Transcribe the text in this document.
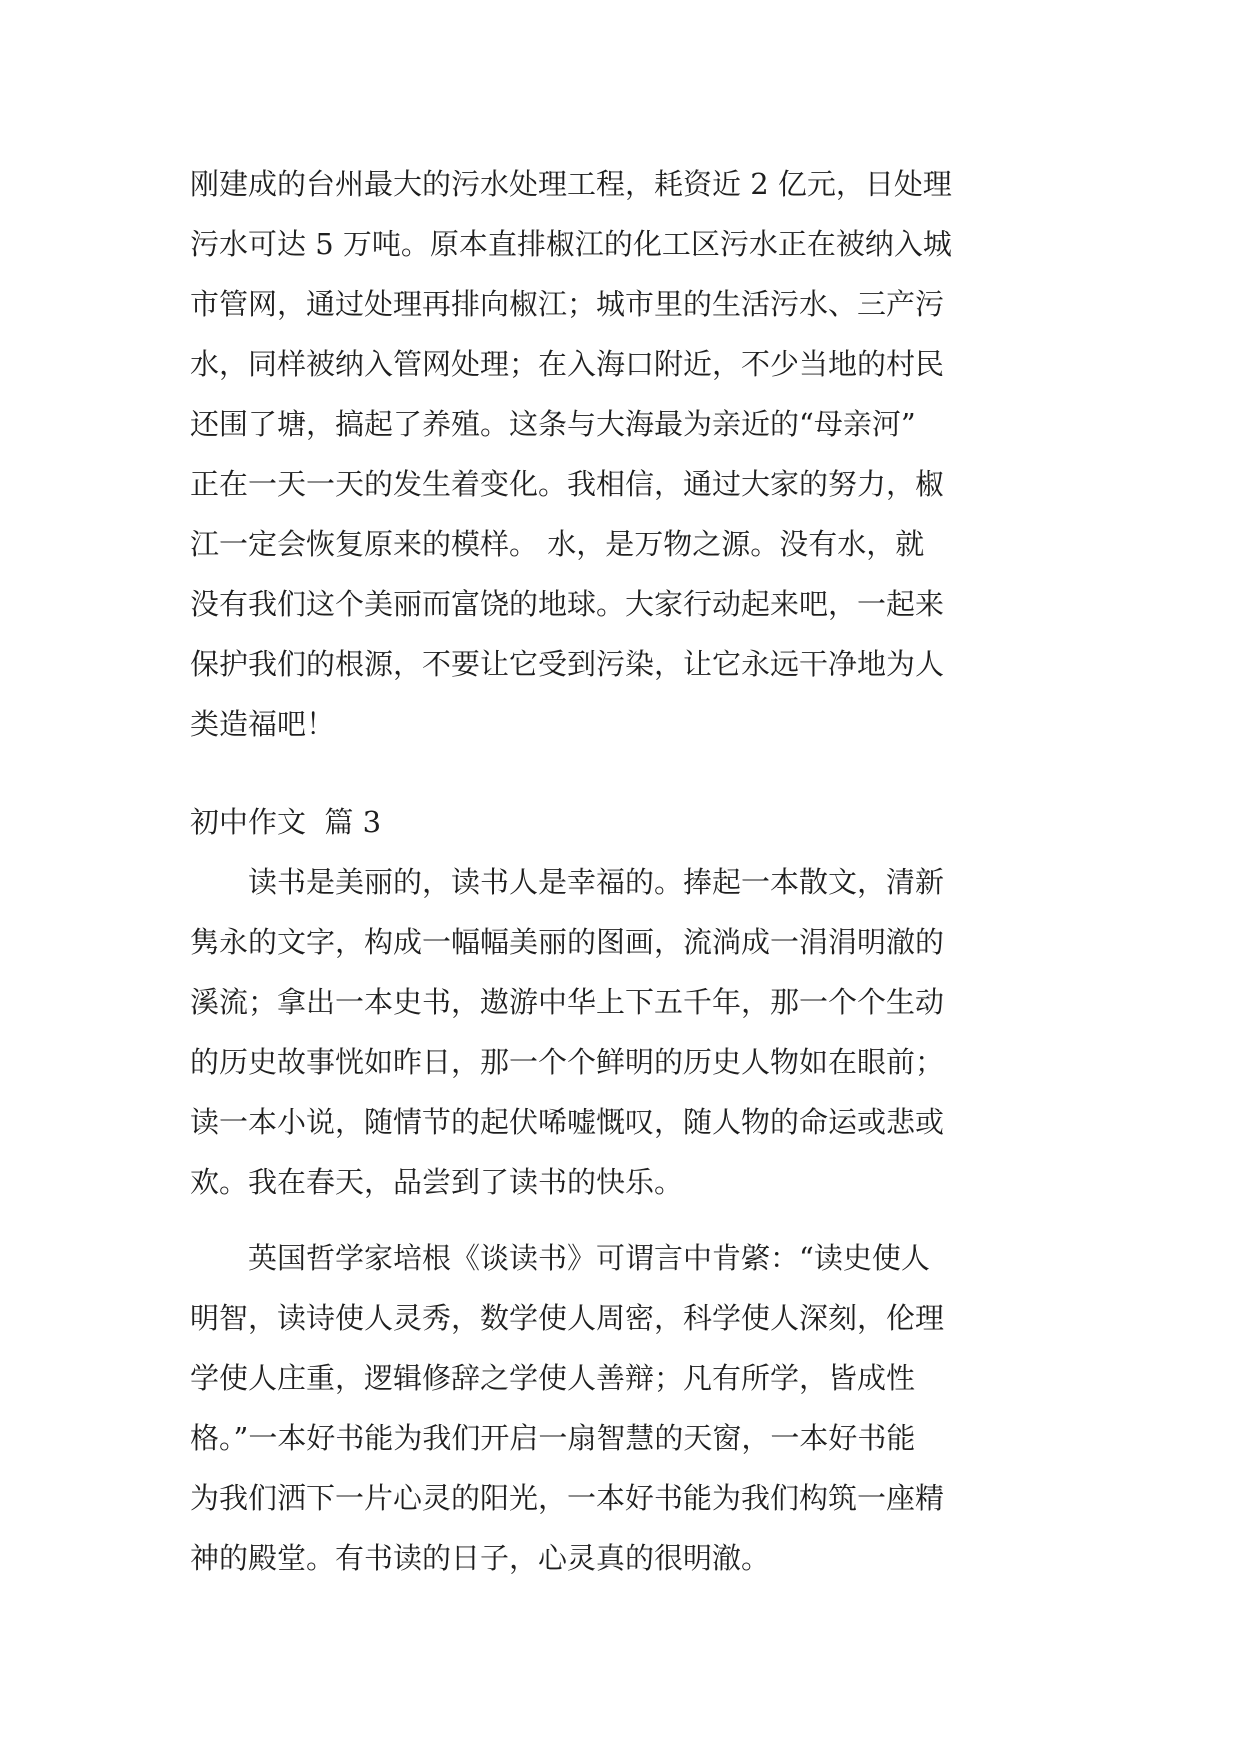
刚建成的台州最大的污水处理工程，耗资近 2 亿元，日处理
污水可达 5 万吨。原本直排椒江的化工区污水正在被纳入城
市管网，通过处理再排向椒江；城市里的生活污水、三产污
水，同样被纳入管网处理；在入海口附近，不少当地的村民
还围了塘，搞起了养殖。这条与大海最为亲近的“母亲河”
正在一天一天的发生着变化。我相信，通过大家的努力，椒
江一定会恢复原来的模样。 水，是万物之源。没有水，就
没有我们这个美丽而富饶的地球。大家行动起来吧，一起来
保护我们的根源，不要让它受到污染，让它永远干净地为人
类造福吧！
初中作文  篇 3
读书是美丽的，读书人是幸福的。捧起一本散文，清新
隽永的文字，构成一幅幅美丽的图画，流淌成一涓涓明澈的
溪流；拿出一本史书，遨游中华上下五千年，那一个个生动
的历史故事恍如昨日，那一个个鲜明的历史人物如在眼前；
读一本小说，随情节的起伏唏嘘慨叹，随人物的命运或悲或
欢。我在春天，品尝到了读书的快乐。
英国哲学家培根《谈读书》可谓言中肯綮：“读史使人
明智，读诗使人灵秀，数学使人周密，科学使人深刻，伦理
学使人庄重，逻辑修辞之学使人善辩；凡有所学，皆成性
格。”一本好书能为我们开启一扇智慧的天窗，一本好书能
为我们洒下一片心灵的阳光，一本好书能为我们构筑一座精
神的殿堂。有书读的日子，心灵真的很明澈。
